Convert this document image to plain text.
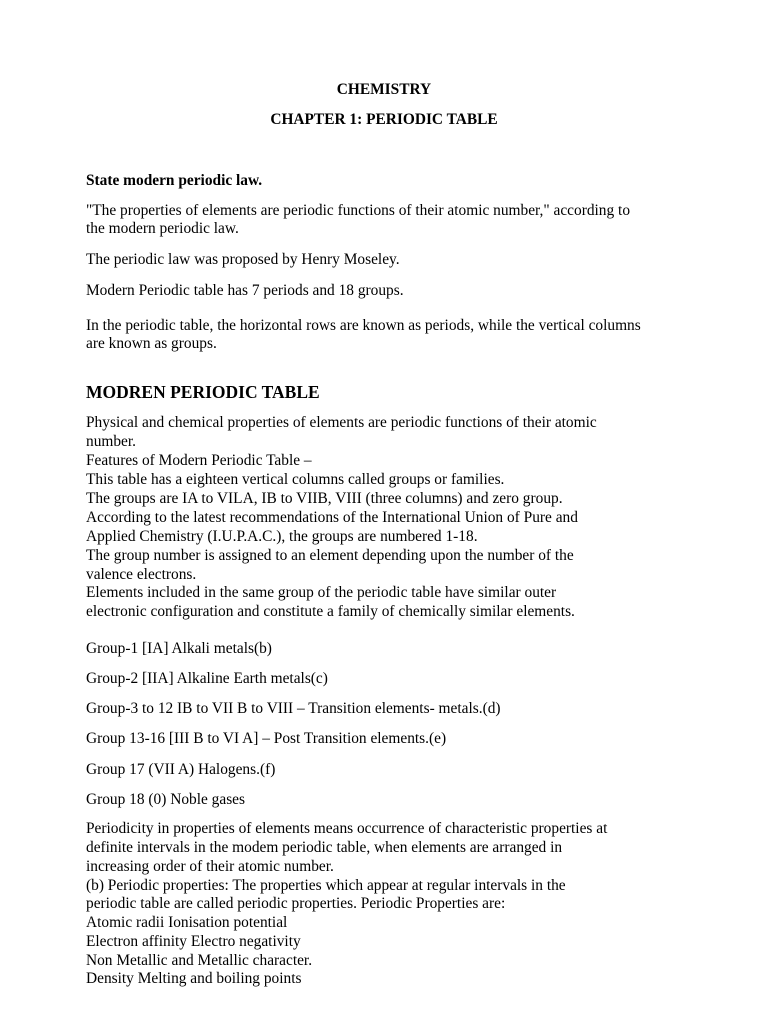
CHEMISTRY

CHAPTER 1: PERIODIC TABLE

State modern periodic law.

"The properties of elements are periodic functions of their atomic number," according to

the modern periodic law.

The periodic law was proposed by Henry Moseley.

Modern Periodic table has 7 periods and 18 groups.

In the periodic table, the horizontal rows are known as periods, while the vertical columns

are known as groups.

MODREN PERIODIC TABLE

Physical and chemical properties of elements are periodic functions of their atomic

number.

Features of Modern Periodic Table –

This table has a eighteen vertical columns called groups or families.

The groups are IA to VILA, IB to VIIB, VIII (three columns) and zero group.

According to the latest recommendations of the International Union of Pure and

Applied Chemistry (I.U.P.A.C.), the groups are numbered 1-18.

The group number is assigned to an element depending upon the number of the

valence electrons.

Elements included in the same group of the periodic table have similar outer

electronic configuration and constitute a family of chemically similar elements.

Group-1 [IA] Alkali metals(b)

Group-2 [IIA] Alkaline Earth metals(c)

Group-3 to 12 IB to VII B to VIII – Transition elements- metals.(d)

Group 13-16 [III B to VI A] – Post Transition elements.(e)

Group 17 (VII A) Halogens.(f)

Group 18 (0) Noble gases

Periodicity in properties of elements means occurrence of characteristic properties at

definite intervals in the modem periodic table, when elements are arranged in

increasing order of their atomic number.

(b) Periodic properties: The properties which appear at regular intervals in the

periodic table are called periodic properties. Periodic Properties are:

Atomic radii Ionisation potential

Electron affinity Electro negativity

Non Metallic and Metallic character.

Density Melting and boiling points
